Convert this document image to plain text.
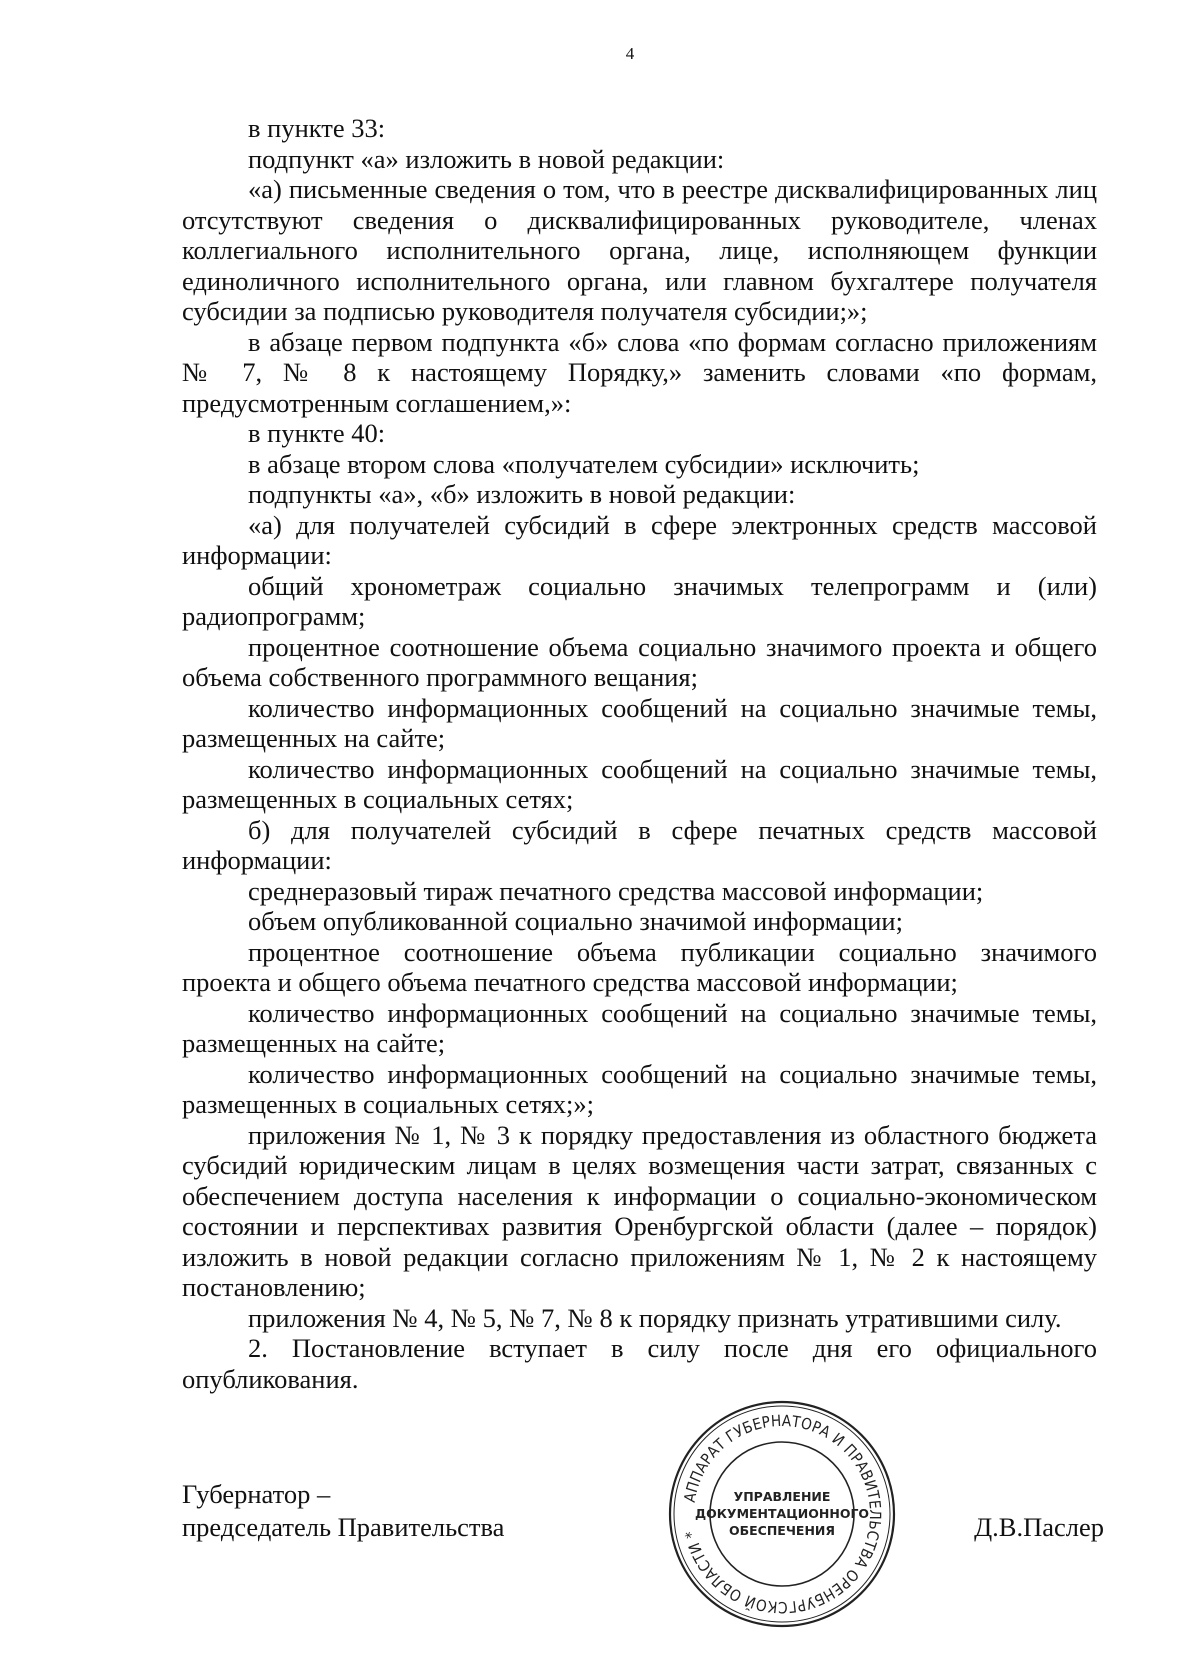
4

в пункте 33:

подпункт «а» изложить в новой редакции:

«а) письменные сведения о том, что в реестре дисквалифицированных лиц отсутствуют сведения о дисквалифицированных руководителе, членах коллегиального исполнительного органа, лице, исполняющем функции единоличного исполнительного органа, или главном бухгалтере получателя субсидии за подписью руководителя получателя субсидии;»;

в абзаце первом подпункта «б» слова «по формам согласно приложениям № 7, № 8 к настоящему Порядку,» заменить словами «по формам, предусмотренным соглашением,»:

в пункте 40:

в абзаце втором слова «получателем субсидии» исключить;

подпункты «а», «б» изложить в новой редакции:

«а) для получателей субсидий в сфере электронных средств массовой информации:

общий хронометраж социально значимых телепрограмм и (или) радиопрограмм;

процентное соотношение объема социально значимого проекта и общего объема собственного программного вещания;

количество информационных сообщений на социально значимые темы, размещенных на сайте;

количество информационных сообщений на социально значимые темы, размещенных в социальных сетях;

б) для получателей субсидий в сфере печатных средств массовой информации:

среднеразовый тираж печатного средства массовой информации;

объем опубликованной социально значимой информации;

процентное соотношение объема публикации социально значимого проекта и общего объема печатного средства массовой информации;

количество информационных сообщений на социально значимые темы, размещенных на сайте;

количество информационных сообщений на социально значимые темы, размещенных в социальных сетях;»;

приложения № 1, № 3 к порядку предоставления из областного бюджета субсидий юридическим лицам в целях возмещения части затрат, связанных с обеспечением доступа населения к информации о социально-экономическом состоянии и перспективах развития Оренбургской области (далее – порядок) изложить в новой редакции согласно приложениям № 1, № 2 к настоящему постановлению;

приложения № 4, № 5, № 7, № 8 к порядку признать утратившими силу.

2. Постановление вступает в силу после дня его официального опубликования.

Губернатор –
председатель Правительства	Д.В.Паслер
АППАРАТ ГУБЕРНАТОРА И ПРАВИТЕЛЬСТВА ОРЕНБУРГСКОЙ ОБЛАСТИ *
УПРАВЛЕНИЕ
ДОКУМЕНТАЦИОННОГО
ОБЕСПЕЧЕНИЯ
